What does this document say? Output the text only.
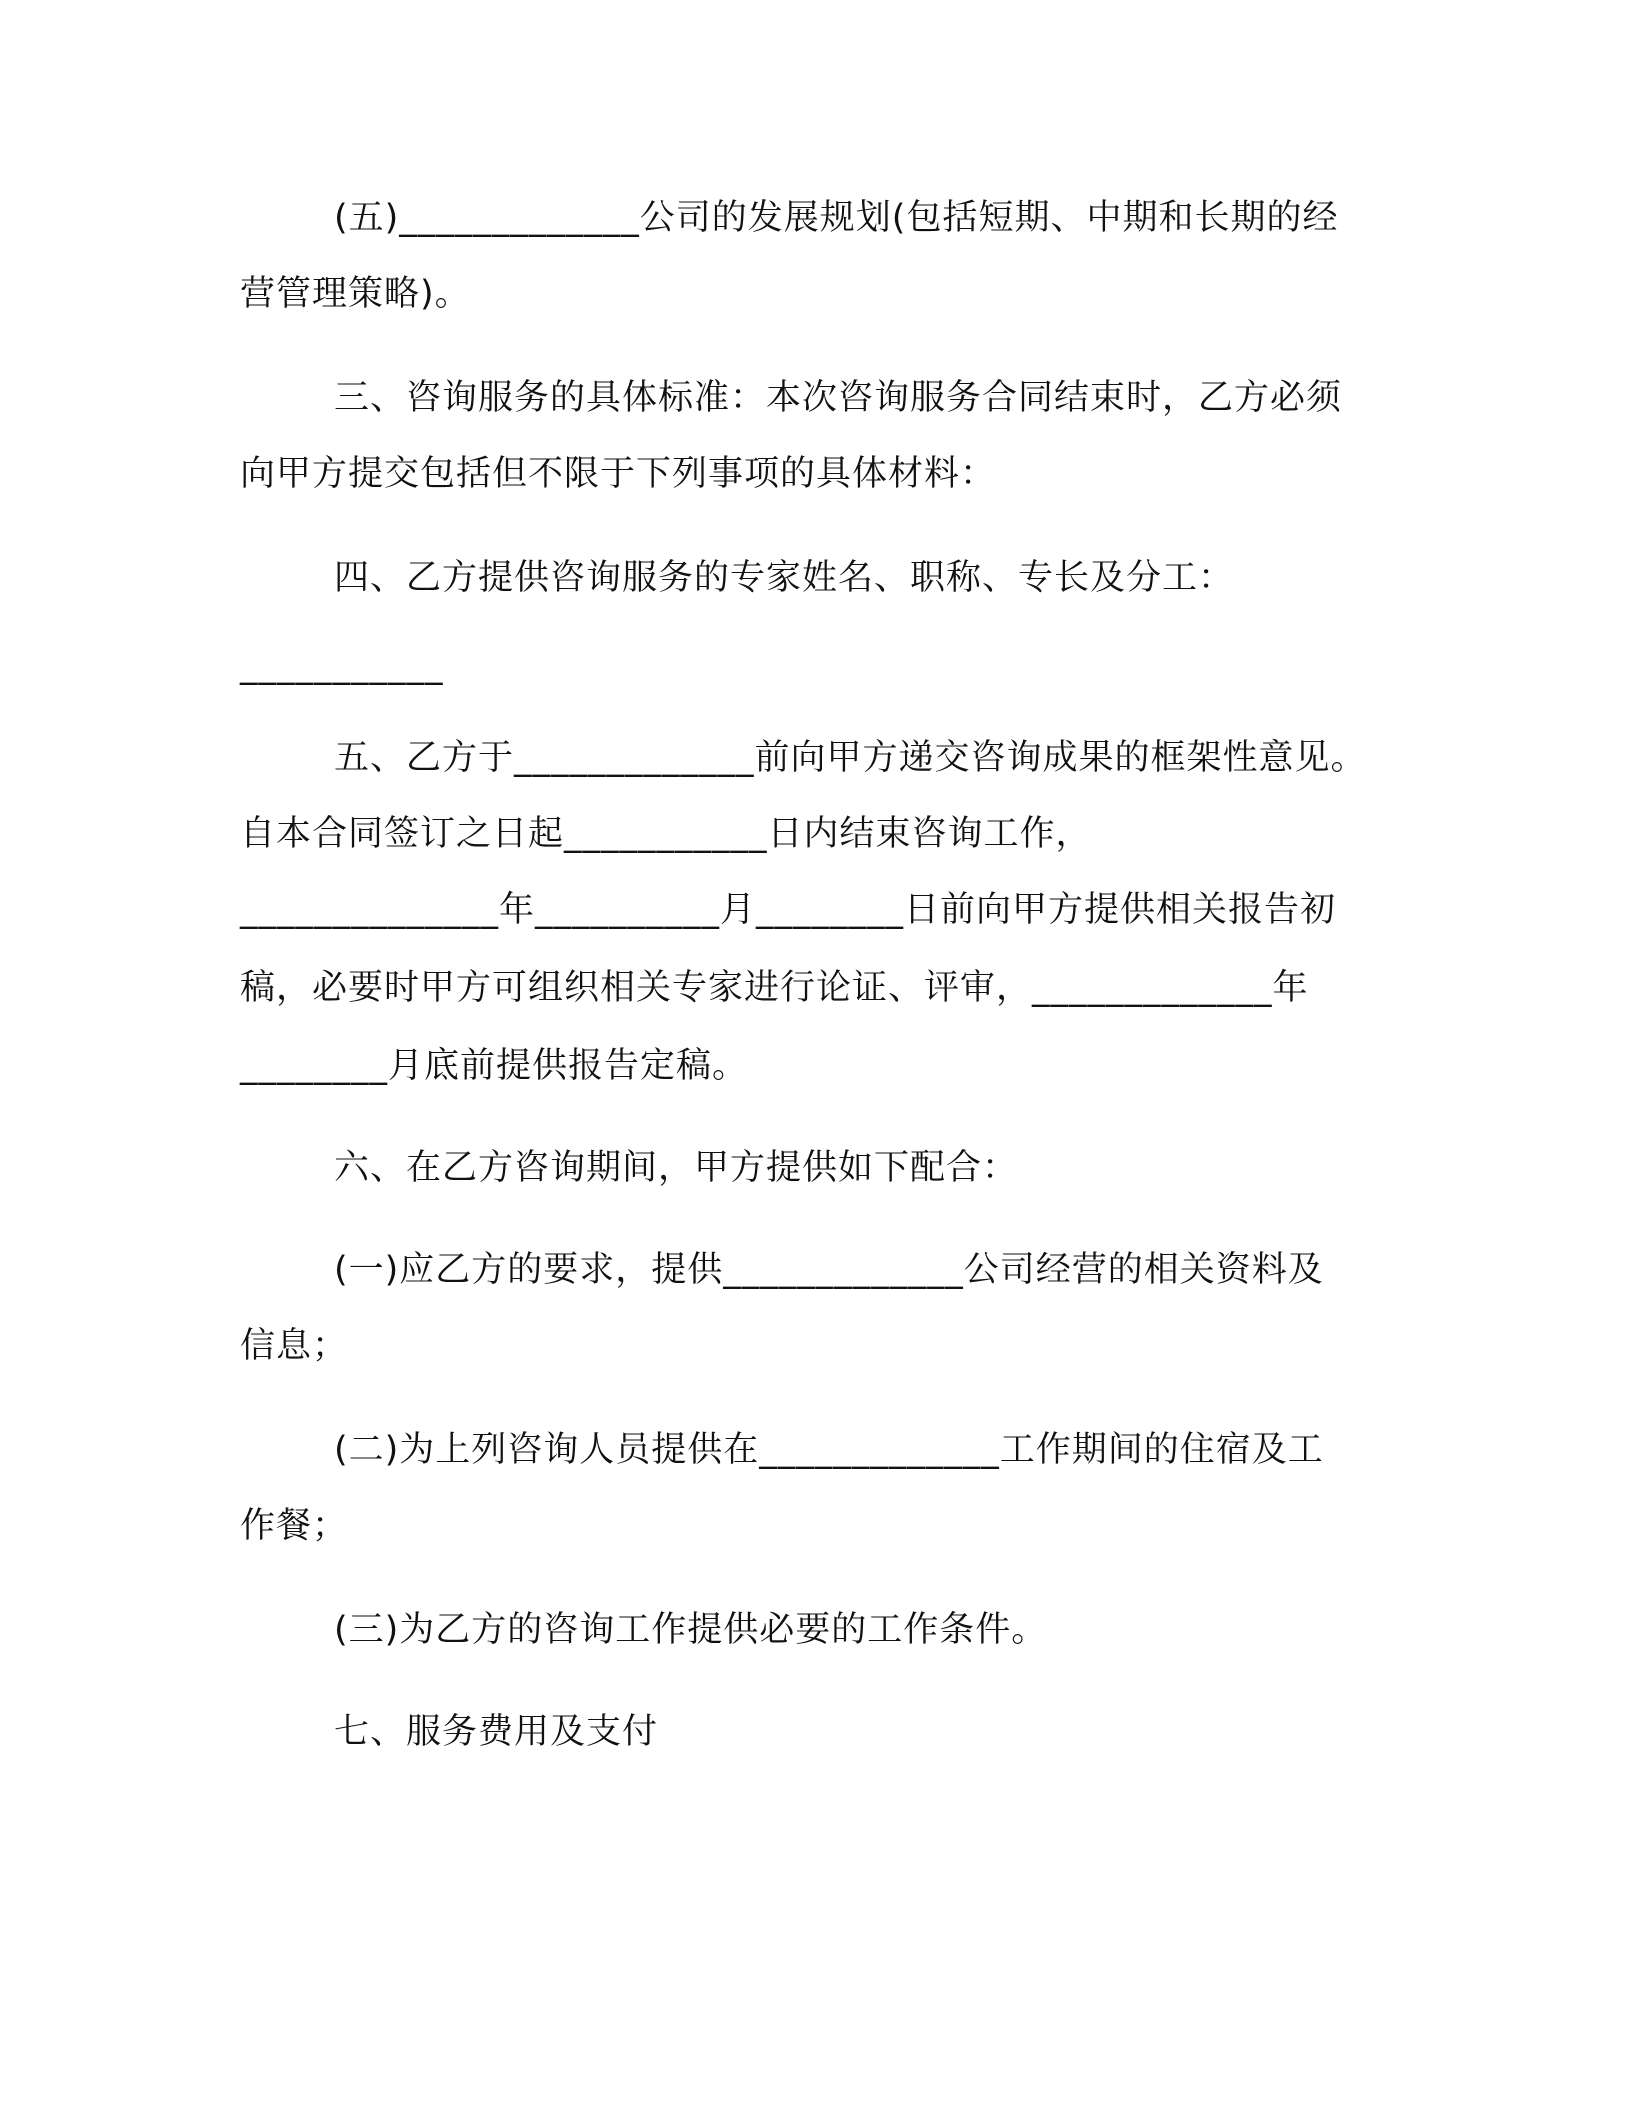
(五)_____________公司的发展规划(包括短期、中期和长期的经
营管理策略)。
三、咨询服务的具体标准：本次咨询服务合同结束时，乙方必须
向甲方提交包括但不限于下列事项的具体材料：
四、乙方提供咨询服务的专家姓名、职称、专长及分工：
___________
五、乙方于_____________前向甲方递交咨询成果的框架性意见。
自本合同签订之日起___________日内结束咨询工作，
______________年__________月________日前向甲方提供相关报告初
稿，必要时甲方可组织相关专家进行论证、评审，_____________年
________月底前提供报告定稿。
六、在乙方咨询期间，甲方提供如下配合：
(一)应乙方的要求，提供_____________公司经营的相关资料及
信息；
(二)为上列咨询人员提供在_____________工作期间的住宿及工
作餐；
(三)为乙方的咨询工作提供必要的工作条件。
七、服务费用及支付
